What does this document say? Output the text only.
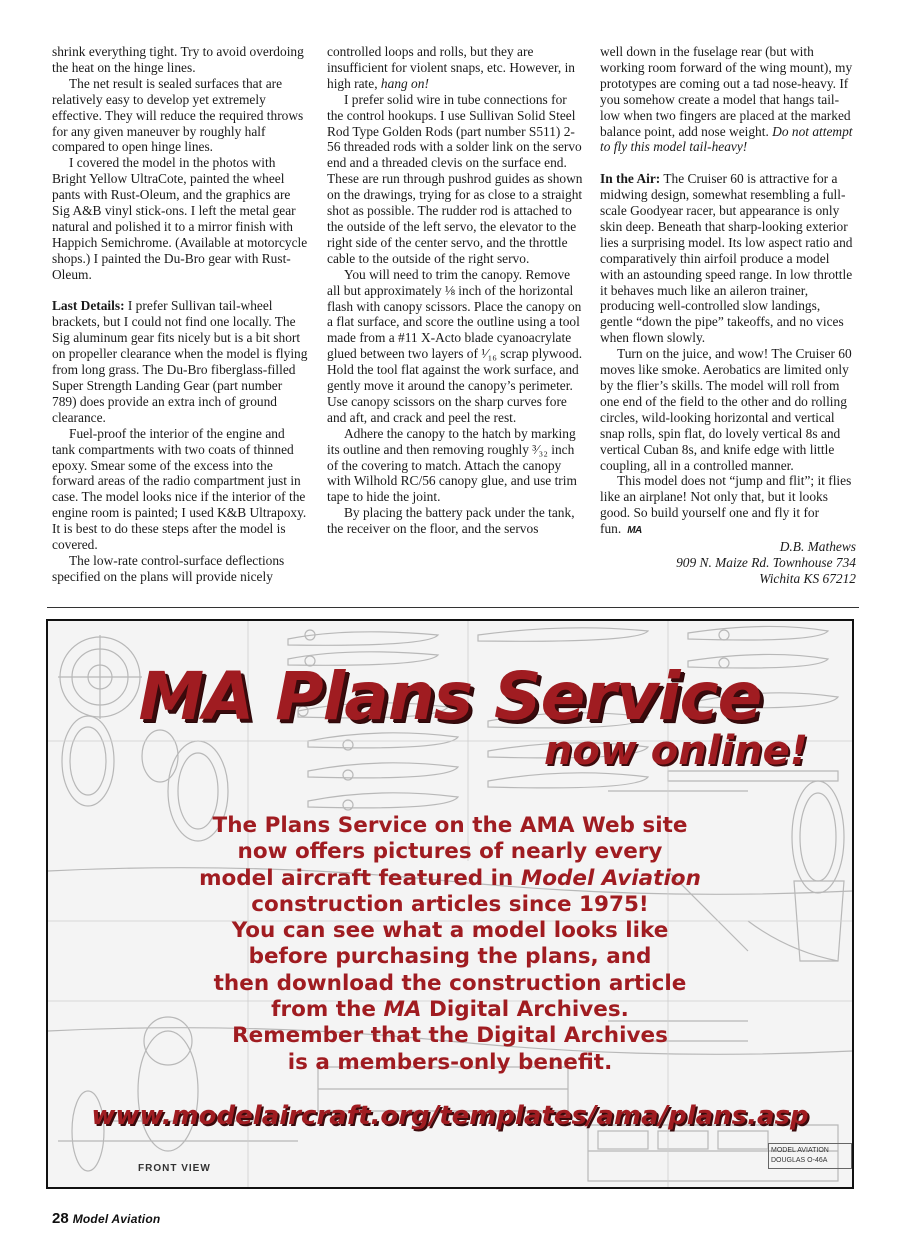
shrink everything tight. Try to avoid overdoing the heat on the hinge lines.

The net result is sealed surfaces that are relatively easy to develop yet extremely effective. They will reduce the required throws for any given maneuver by roughly half compared to open hinge lines.

I covered the model in the photos with Bright Yellow UltraCote, painted the wheel pants with Rust-Oleum, and the graphics are Sig A&B vinyl stick-ons. I left the metal gear natural and polished it to a mirror finish with Happich Semichrome. (Available at motorcycle shops.) I painted the Du-Bro gear with Rust-Oleum.

Last Details: I prefer Sullivan tail-wheel brackets, but I could not find one locally. The Sig aluminum gear fits nicely but is a bit short on propeller clearance when the model is flying from long grass. The Du-Bro fiberglass-filled Super Strength Landing Gear (part number 789) does provide an extra inch of ground clearance.

Fuel-proof the interior of the engine and tank compartments with two coats of thinned epoxy. Smear some of the excess into the forward areas of the radio compartment just in case. The model looks nice if the interior of the engine room is painted; I used K&B Ultrapoxy. It is best to do these steps after the model is covered.

The low-rate control-surface deflections specified on the plans will provide nicely

controlled loops and rolls, but they are insufficient for violent snaps, etc. However, in high rate, hang on!

I prefer solid wire in tube connections for the control hookups. I use Sullivan Solid Steel Rod Type Golden Rods (part number S511) 2-56 threaded rods with a solder link on the servo end and a threaded clevis on the surface end. These are run through pushrod guides as shown on the drawings, trying for as close to a straight shot as possible. The rudder rod is attached to the outside of the left servo, the elevator to the right side of the center servo, and the throttle cable to the outside of the right servo.

You will need to trim the canopy. Remove all but approximately ⅛ inch of the horizontal flash with canopy scissors. Place the canopy on a flat surface, and score the outline using a tool made from a #11 X-Acto blade cyanoacrylate glued between two layers of ¹⁄₁₆ scrap plywood. Hold the tool flat against the work surface, and gently move it around the canopy’s perimeter. Use canopy scissors on the sharp curves fore and aft, and crack and peel the rest.

Adhere the canopy to the hatch by marking its outline and then removing roughly ³⁄₃₂ inch of the covering to match. Attach the canopy with Wilhold RC/56 canopy glue, and use trim tape to hide the joint.

By placing the battery pack under the tank, the receiver on the floor, and the servos

well down in the fuselage rear (but with working room forward of the wing mount), my prototypes are coming out a tad nose-heavy. If you somehow create a model that hangs tail-low when two fingers are placed at the marked balance point, add nose weight. Do not attempt to fly this model tail-heavy!

In the Air: The Cruiser 60 is attractive for a midwing design, somewhat resembling a full-scale Goodyear racer, but appearance is only skin deep. Beneath that sharp-looking exterior lies a surprising model. Its low aspect ratio and comparatively thin airfoil produce a model with an astounding speed range. In low throttle it behaves much like an aileron trainer, producing well-controlled slow landings, gentle “down the pipe” takeoffs, and no vices when flown slowly.

Turn on the juice, and wow! The Cruiser 60 moves like smoke. Aerobatics are limited only by the flier’s skills. The model will roll from one end of the field to the other and do rolling circles, wild-looking horizontal and vertical snap rolls, spin flat, do lovely vertical 8s and vertical Cuban 8s, and knife edge with little coupling, all in a controlled manner.

This model does not “jump and flit”; it flies like an airplane! Not only that, but it looks good. So build yourself one and fly it for fun. MA

D.B. Mathews

909 N. Maize Rd. Townhouse 734

Wichita KS 67212

MA Plans Service
now online!
The Plans Service on the AMA Web site
now offers pictures of nearly every
model aircraft featured in Model Aviation
construction articles since 1975!
You can see what a model looks like
before purchasing the plans, and
then download the construction article
from the MA Digital Archives.
Remember that the Digital Archives
is a members-only benefit.
www.modelaircraft.org/templates/ama/plans.asp
FRONT VIEW
MODEL AVIATION
DOUGLAS O-46A
28 Model Aviation
